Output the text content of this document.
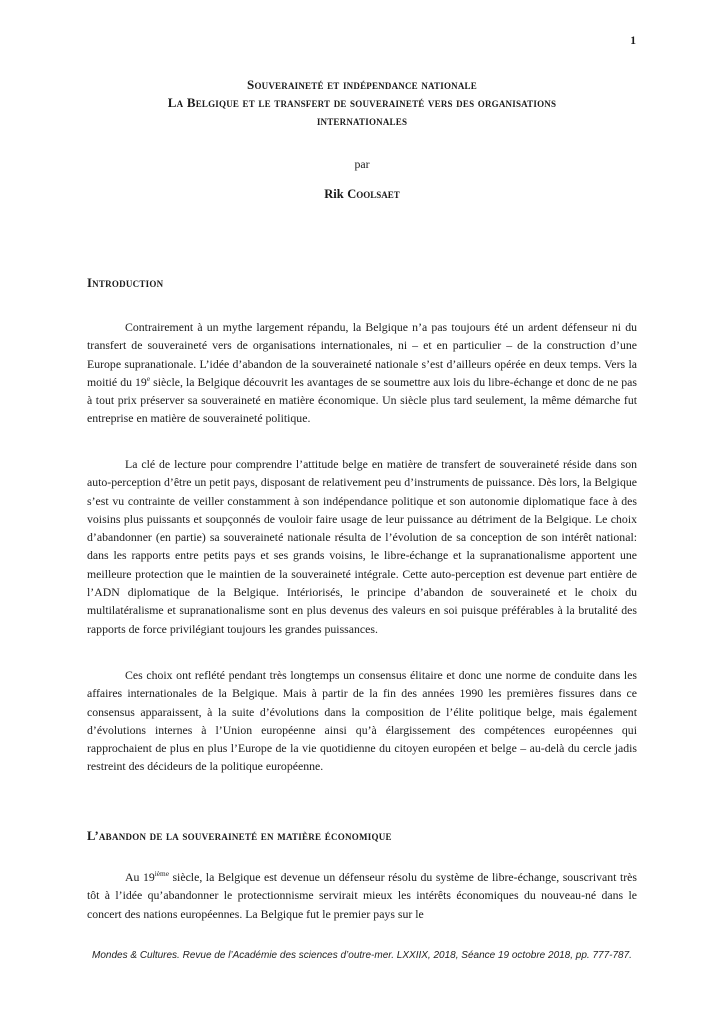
1
Souveraineté et indépendance nationale
La Belgique et le transfert de souveraineté vers des organisations
internationales
par
Rik Coolsaet
Introduction

Contrairement à un mythe largement répandu, la Belgique n’a pas toujours été un ardent défenseur ni du transfert de souveraineté vers de organisations internationales, ni – et en particulier – de la construction d’une Europe supranationale. L’idée d’abandon de la souveraineté nationale s’est d’ailleurs opérée en deux temps. Vers la moitié du 19e siècle, la Belgique découvrit les avantages de se soumettre aux lois du libre-échange et donc de ne pas à tout prix préserver sa souveraineté en matière économique. Un siècle plus tard seulement, la même démarche fut entreprise en matière de souveraineté politique.

La clé de lecture pour comprendre l’attitude belge en matière de transfert de souveraineté réside dans son auto-perception d’être un petit pays, disposant de relativement peu d’instruments de puissance. Dès lors, la Belgique s’est vu contrainte de veiller constamment à son indépendance politique et son autonomie diplomatique face à des voisins plus puissants et soupçonnés de vouloir faire usage de leur puissance au détriment de la Belgique. Le choix d’abandonner (en partie) sa souveraineté nationale résulta de l’évolution de sa conception de son intérêt national: dans les rapports entre petits pays et ses grands voisins, le libre-échange et la supranationalisme apportent une meilleure protection que le maintien de la souveraineté intégrale. Cette auto-perception est devenue part entière de l’ADN diplomatique de la Belgique. Intériorisés, le principe d’abandon de souveraineté et le choix du multilatéralisme et supranationalisme sont en plus devenus des valeurs en soi puisque préférables à la brutalité des rapports de force privilégiant toujours les grandes puissances.

Ces choix ont reflété pendant très longtemps un consensus élitaire et donc une norme de conduite dans les affaires internationales de la Belgique. Mais à partir de la fin des années 1990 les premières fissures dans ce consensus apparaissent, à la suite d’évolutions dans la composition de l’élite politique belge, mais également d’évolutions internes à l’Union européenne ainsi qu’à élargissement des compétences européennes qui rapprochaient de plus en plus l’Europe de la vie quotidienne du citoyen européen et belge – au-delà du cercle jadis restreint des décideurs de la politique européenne.

L’abandon de la souveraineté en matière économique

Au 19ième siècle, la Belgique est devenue un défenseur résolu du système de libre-échange, souscrivant très tôt à l’idée qu’abandonner le protectionnisme servirait mieux les intérêts économiques du nouveau-né dans le concert des nations européennes. La Belgique fut le premier pays sur le

Mondes & Cultures. Revue de l’Académie des sciences d’outre-mer. LXXIIX, 2018, Séance 19 octobre 2018, pp. 777-787.
